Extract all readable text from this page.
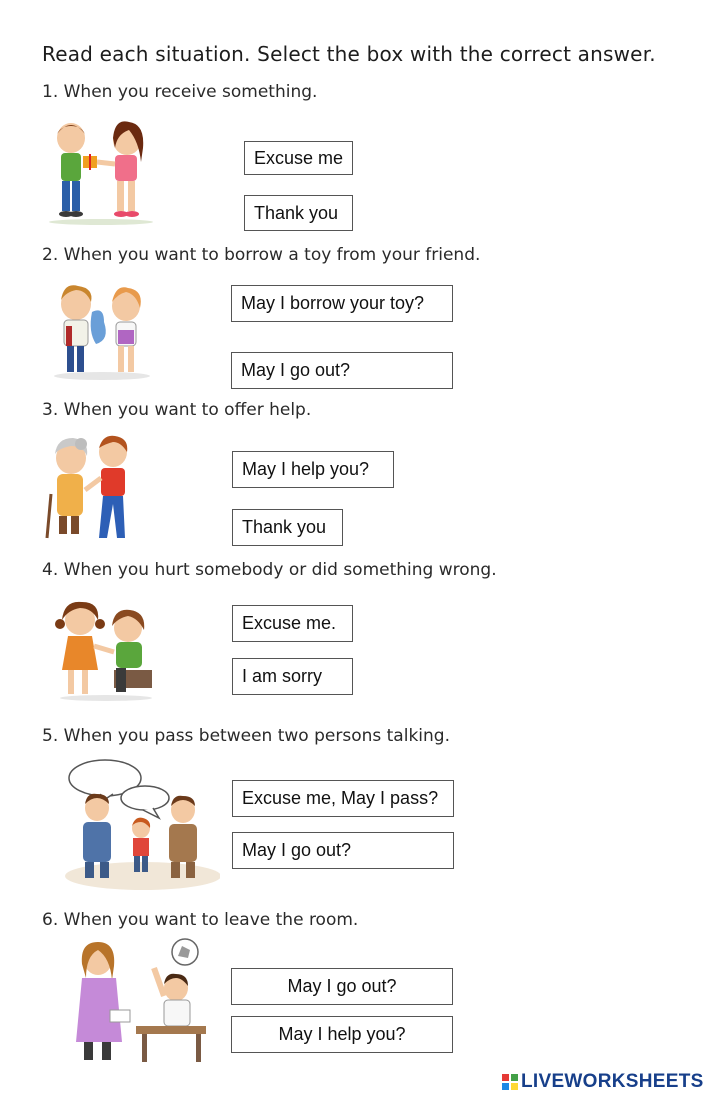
Read each situation. Select the box with the correct answer.
1. When you receive something.
Excuse me
Thank you
2. When you want to borrow a toy from your friend.
May I borrow your toy?
May I go out?
3. When you want to offer help.
May I help you?
Thank you
4. When you hurt somebody or did something wrong.
Excuse me.
I am sorry
5. When you pass between two persons talking.
Excuse me, May I pass?
May I go out?
6. When you want to leave the room.
May I go out?
May I help you?
LIVEWORKSHEETS
